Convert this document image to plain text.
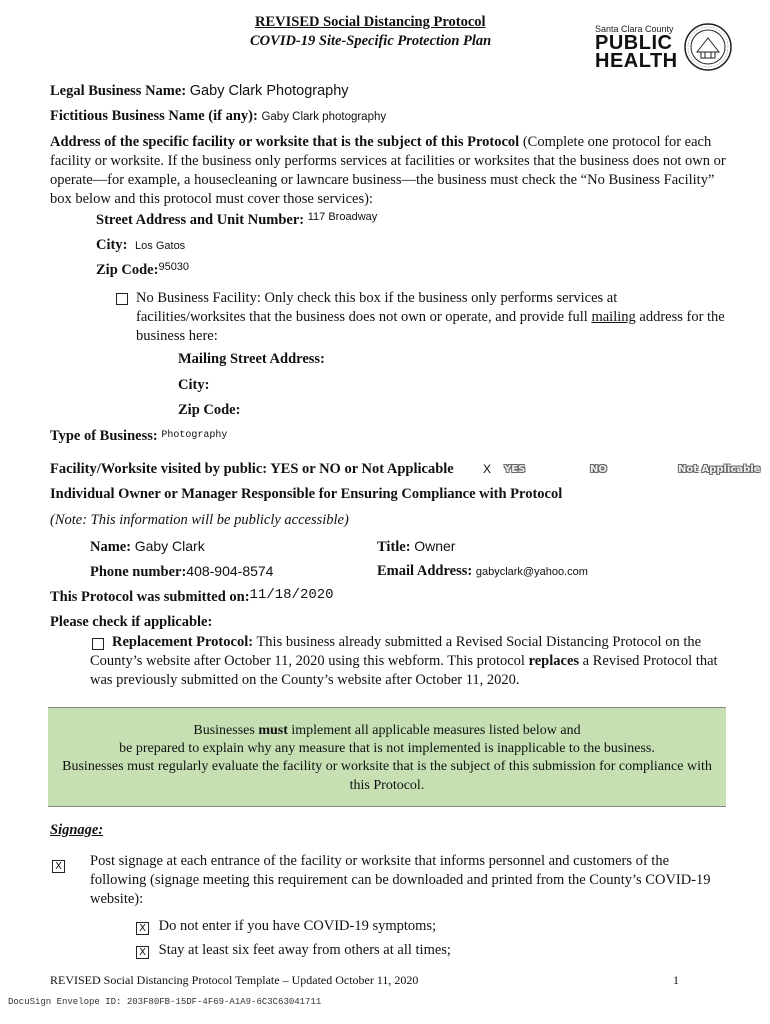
REVISED Social Distancing Protocol
COVID-19 Site-Specific Protection Plan
Santa Clara County
PUBLIC
HEALTH
Legal Business Name: Gaby Clark Photography
Fictitious Business Name (if any): Gaby Clark photography
Address of the specific facility or worksite that is the subject of this Protocol (Complete one protocol for each facility or worksite. If the business only performs services at facilities or worksites that the business does not own or operate—for example, a housecleaning or lawncare business—the business must check the “No Business Facility” box below and this protocol must cover those services):
Street Address and Unit Number: $^{117 Broadway}$
City: Los Gatos
Zip Code:$^{95030}$
No Business Facility: Only check this box if the business only performs services at facilities/worksites that the business does not own or operate, and provide full mailing address for the business here:
Mailing Street Address:
City:
Zip Code:
Type of Business: $^{Photography}$
Facility/Worksite visited by public: YES or NO or Not Applicable X YES	NO	Not Applicable
Individual Owner or Manager Responsible for Ensuring Compliance with Protocol
(Note: This information will be publicly accessible)
Name: Gaby Clark	Title: Owner
Phone number:408-904-8574	Email Address: gabyclark@yahoo.com
This Protocol was submitted on:11/18/2020
Please check if applicable:
Replacement Protocol: This business already submitted a Revised Social Distancing Protocol on the County’s website after October 11, 2020 using this webform. This protocol replaces a Revised Protocol that was previously submitted on the County’s website after October 11, 2020.
Businesses must implement all applicable measures listed below and
be prepared to explain why any measure that is not implemented is inapplicable to the business.
Businesses must regularly evaluate the facility or worksite that is the subject of this submission for compliance with this Protocol.
Signage:
X Post signage at each entrance of the facility or worksite that informs personnel and customers of the following (signage meeting this requirement can be downloaded and printed from the County’s COVID-19 website):
X Do not enter if you have COVID-19 symptoms;
X Stay at least six feet away from others at all times;
REVISED Social Distancing Protocol Template – Updated October 11, 2020	1
DocuSign Envelope ID: 203F80FB-15DF-4F69-A1A9-6C3C63041711
